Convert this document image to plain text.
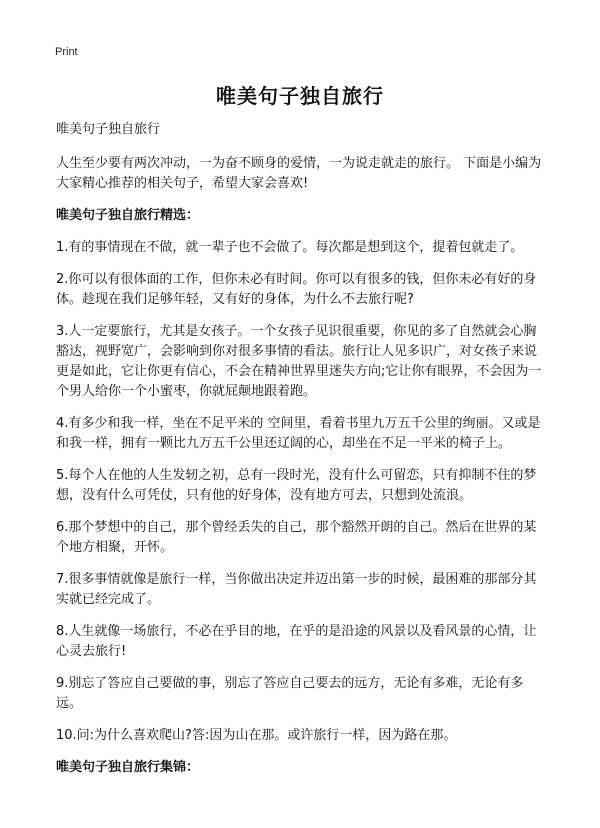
Print
唯美句子独自旅行

唯美句子独自旅行

人生至少要有两次冲动，一为奋不顾身的爱情，一为说走就走的旅行。 下面是小编为大家精心推荐的相关句子，希望大家会喜欢!

唯美句子独自旅行精选：

1.有的事情现在不做，就一辈子也不会做了。每次都是想到这个，提着包就走了。
2.你可以有很体面的工作，但你未必有时间。你可以有很多的钱，但你未必有好的身体。趁现在我们足够年轻，又有好的身体，为什么不去旅行呢?
3.人一定要旅行，尤其是女孩子。一个女孩子见识很重要，你见的多了自然就会心胸豁达，视野宽广，会影响到你对很多事情的看法。旅行让人见多识广，对女孩子来说更是如此，它让你更有信心，不会在精神世界里迷失方向;它让你有眼界，不会因为一个男人给你一个小蜜枣，你就屁颠地跟着跑。
4.有多少和我一样，坐在不足平米的 空间里，看着书里九万五千公里的绚丽。又或是和我一样，拥有一颗比九万五千公里还辽阔的心，却坐在不足一平米的椅子上。
5.每个人在他的人生发轫之初，总有一段时光，没有什么可留恋，只有抑制不住的梦想，没有什么可凭仗，只有他的好身体，没有地方可去，只想到处流浪。
6.那个梦想中的自己，那个曾经丢失的自己，那个豁然开朗的自己。然后在世界的某个地方相聚，开怀。
7.很多事情就像是旅行一样，当你做出决定并迈出第一步的时候，最困难的那部分其实就已经完成了。
8.人生就像一场旅行，不必在乎目的地，在乎的是沿途的风景以及看风景的心情，让心灵去旅行!
9.别忘了答应自己要做的事，别忘了答应自己要去的远方，无论有多难，无论有多远。
10.问:为什么喜欢爬山?答:因为山在那。或许旅行一样，因为路在那。

唯美句子独自旅行集锦：
